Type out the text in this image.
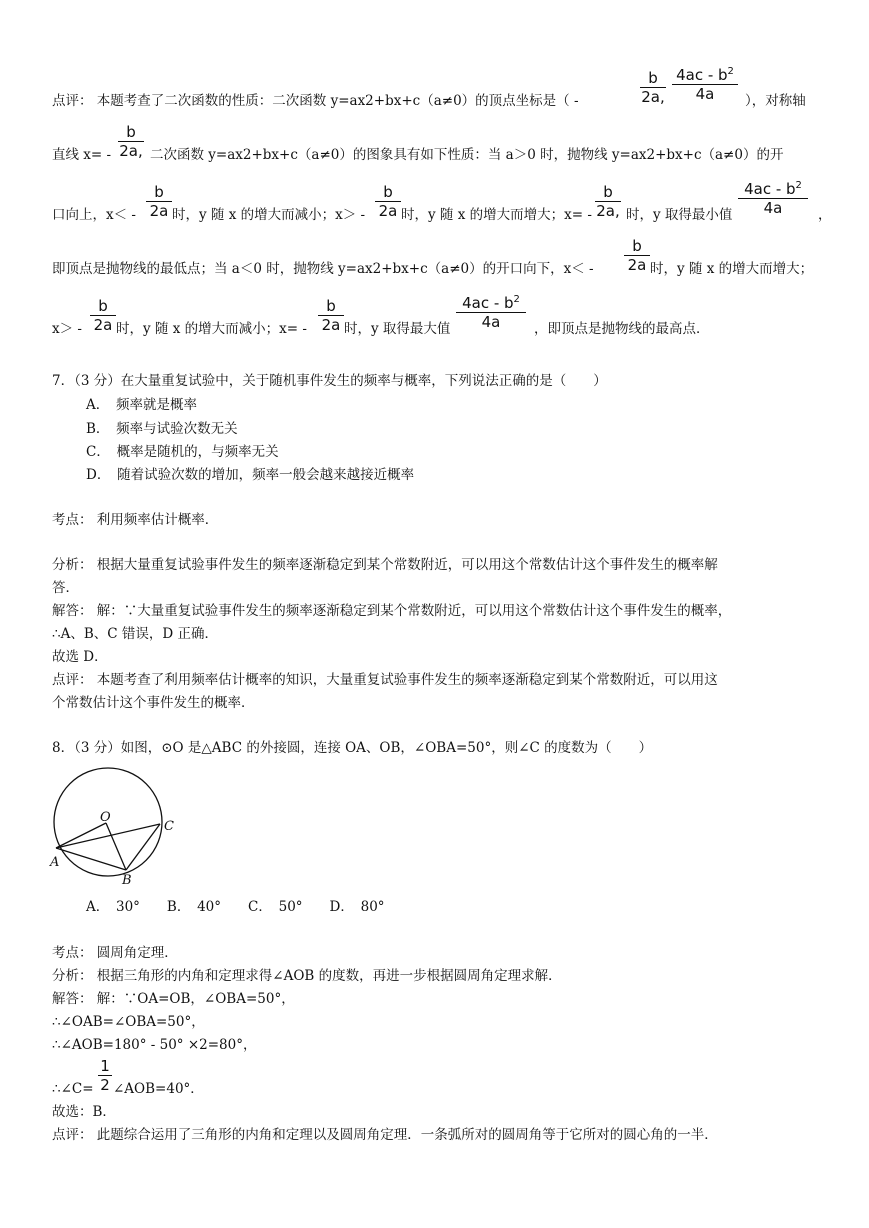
点评： 本题考查了二次函数的性质：二次函数 y=ax2+bx+c（a≠0）的顶点坐标是（ -
b
2a,
$4ac - b^2$
4a	），对称轴
直线 x= -
b
2a, 二次函数 y=ax2+bx+c（a≠0）的图象具有如下性质：当 a＞0 时，抛物线 y=ax2+bx+c（a≠0）的开
口向上，x＜ -
b
2a 时，y 随 x 的增大而减小；x＞ -
b
2a 时，y 随 x 的增大而增大；x= -
b
2a, 时，y 取得最小值
$4ac - b^2$
4a	，
即顶点是抛物线的最低点；当 a＜0 时，抛物线 y=ax2+bx+c（a≠0）的开口向下，x＜ -
b
2a 时，y 随 x 的增大而增大；
x＞ -
b
2a 时，y 随 x 的增大而减小；x= -
b
2a 时，y 取得最大值
$4ac - b^2$
4a	，即顶点是抛物线的最高点．
7．（3 分）在大量重复试验中，关于随机事件发生的频率与概率，下列说法正确的是（　　）
A．　频率就是概率
B．　频率与试验次数无关
C．　概率是随机的，与频率无关
D．　随着试验次数的增加，频率一般会越来越接近概率
考点： 利用频率估计概率．
分析： 根据大量重复试验事件发生的频率逐渐稳定到某个常数附近，可以用这个常数估计这个事件发生的概率解
答．
解答： 解：∵大量重复试验事件发生的频率逐渐稳定到某个常数附近，可以用这个常数估计这个事件发生的概率，
∴A、B、C 错误，D 正确．
故选 D．
点评： 本题考查了利用频率估计概率的知识，大量重复试验事件发生的频率逐渐稳定到某个常数附近，可以用这
个常数估计这个事件发生的概率．
8．（3 分）如图，⊙O 是△ABC 的外接圆，连接 OA、OB，∠OBA=50°，则∠C 的度数为（　　）
O
C
A
B
A．　30°　　B．　40°　　C．　50°　　D．　80°
考点： 圆周角定理．
分析： 根据三角形的内角和定理求得∠AOB 的度数，再进一步根据圆周角定理求解．
解答： 解：∵OA=OB，∠OBA=50°，
∴∠OAB=∠OBA=50°，
∴∠AOB=180° - 50° ×2=80°，
∴∠C=
1
2 ∠AOB=40°．
故选：B．
点评： 此题综合运用了三角形的内角和定理以及圆周角定理．一条弧所对的圆周角等于它所对的圆心角的一半．
